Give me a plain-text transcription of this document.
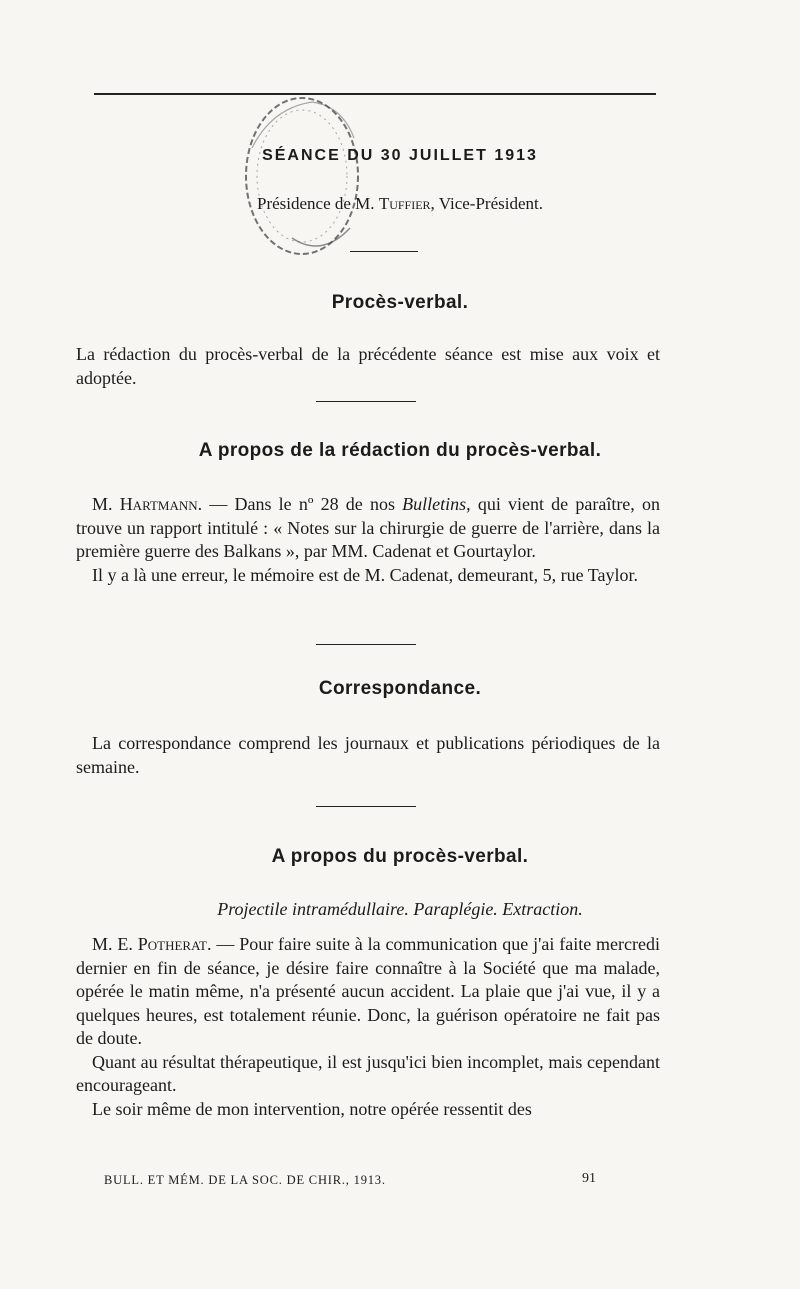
SÉANCE DU 30 JUILLET 1913
Présidence de M. Tuffier, Vice-Président.
Procès-verbal.

La rédaction du procès-verbal de la précédente séance est mise aux voix et adoptée.

A propos de la rédaction du procès-verbal.

M. Hartmann. — Dans le nº 28 de nos Bulletins, qui vient de paraître, on trouve un rapport intitulé : « Notes sur la chirurgie de guerre de l'arrière, dans la première guerre des Balkans », par MM. Cadenat et Gourtaylor.

Il y a là une erreur, le mémoire est de M. Cadenat, demeurant, 5, rue Taylor.

Correspondance.

La correspondance comprend les journaux et publications périodiques de la semaine.

A propos du procès-verbal.
Projectile intramédullaire. Paraplégie. Extraction.

M. E. Potherat. — Pour faire suite à la communication que j'ai faite mercredi dernier en fin de séance, je désire faire connaître à la Société que ma malade, opérée le matin même, n'a présenté aucun accident. La plaie que j'ai vue, il y a quelques heures, est totalement réunie. Donc, la guérison opératoire ne fait pas de doute.

Quant au résultat thérapeutique, il est jusqu'ici bien incomplet, mais cependant encourageant.

Le soir même de mon intervention, notre opérée ressentit des

BULL. ET MÉM. DE LA SOC. DE CHIR., 1913.	91
